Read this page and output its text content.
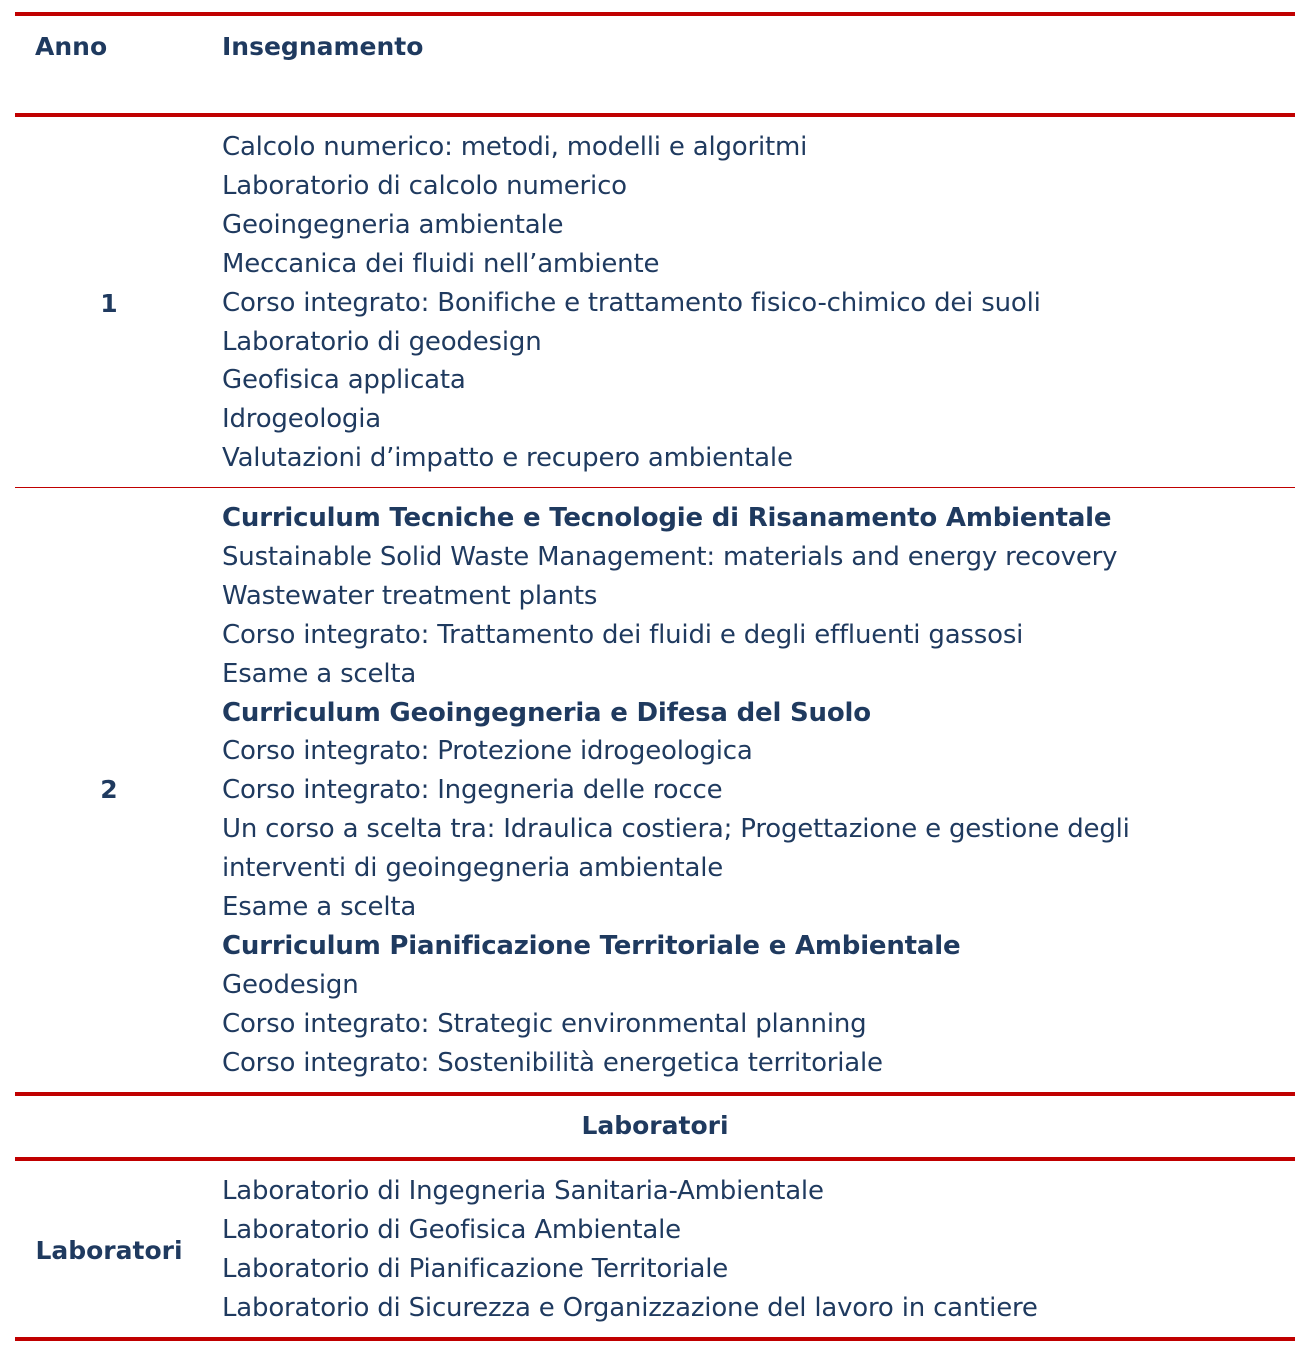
Anno	Insegnamento
1
Calcolo numerico: metodi, modelli e algoritmi
Laboratorio di calcolo numerico
Geoingegneria ambientale
Meccanica dei fluidi nell’ambiente
Corso integrato: Bonifiche e trattamento fisico-chimico dei suoli
Laboratorio di geodesign
Geofisica applicata
Idrogeologia
Valutazioni d’impatto e recupero ambientale
2
Curriculum Tecniche e Tecnologie di Risanamento Ambientale
Sustainable Solid Waste Management: materials and energy recovery
Wastewater treatment plants
Corso integrato: Trattamento dei fluidi e degli effluenti gassosi
Esame a scelta
Curriculum Geoingegneria e Difesa del Suolo
Corso integrato: Protezione idrogeologica
Corso integrato: Ingegneria delle rocce
Un corso a scelta tra: Idraulica costiera; Progettazione e gestione degli interventi di geoingegneria ambientale
Esame a scelta
Curriculum Pianificazione Territoriale e Ambientale
Geodesign
Corso integrato: Strategic environmental planning
Corso integrato: Sostenibilità energetica territoriale
Laboratori
Laboratori
Laboratorio di Ingegneria Sanitaria-Ambientale
Laboratorio di Geofisica Ambientale
Laboratorio di Pianificazione Territoriale
Laboratorio di Sicurezza e Organizzazione del lavoro in cantiere
